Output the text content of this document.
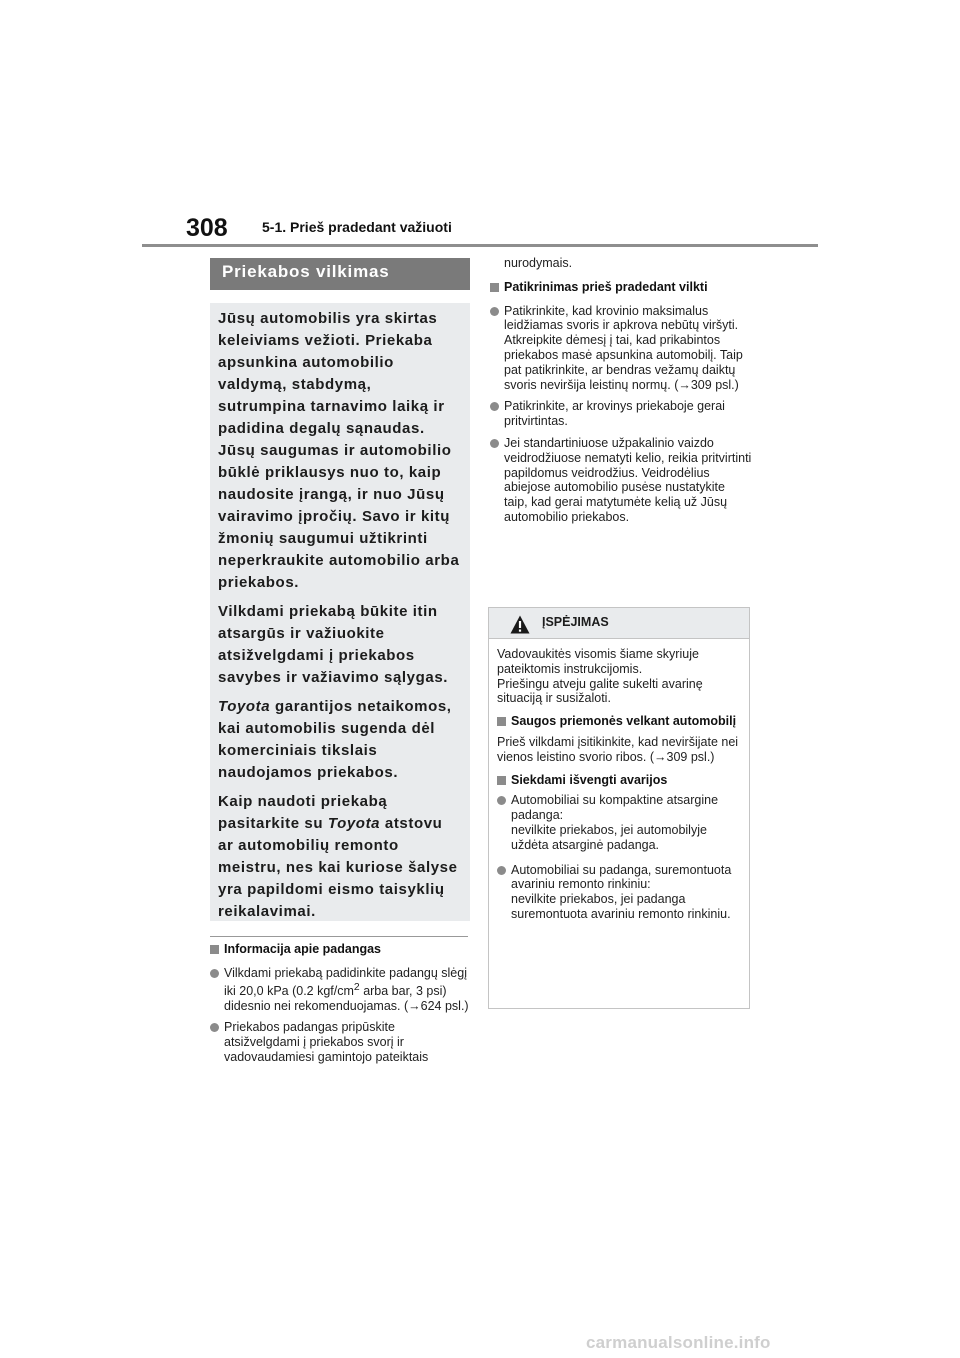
308 5-1. Prieš pradedant važiuoti
Priekabos vilkimas

Jūsų automobilis yra skirtas keleiviams vežioti. Priekaba apsunkina automobilio valdymą, stabdymą, sutrumpina tarnavimo laiką ir padidina degalų sąnaudas. Jūsų saugumas ir automobilio būklė priklausys nuo to, kaip naudosite įrangą, ir nuo Jūsų vairavimo įpročių. Savo ir kitų žmonių saugumui užtikrinti neperkraukite automobilio arba priekabos.

Vilkdami priekabą būkite itin atsargūs ir važiuokite atsižvelgdami į priekabos savybes ir važiavimo sąlygas.

Toyota garantijos netaikomos, kai automobilis sugenda dėl komerciniais tikslais naudojamos priekabos.

Kaip naudoti priekabą pasitarkite su Toyota atstovu ar automobilių remonto meistru, nes kai kuriose šalyse yra papildomi eismo taisyklių reikalavimai.

Informacija apie padangas
Vilkdami priekabą padidinkite padangų slėgį iki 20,0 kPa (0.2 kgf/$cm^2$ arba bar, 3 psi) didesnio nei rekomenduojamas. (→624 psl.)
Priekabos padangas pripūskite atsižvelgdami į priekabos svorį ir vadovaudamiesi gamintojo pateiktais
nurodymais.
Patikrinimas prieš pradedant vilkti
Patikrinkite, kad krovinio maksimalus leidžiamas svoris ir apkrova nebūtų viršyti. Atkreipkite dėmesį į tai, kad prikabintos priekabos masė apsunkina automobilį. Taip pat patikrinkite, ar bendras vežamų daiktų svoris neviršija leistinų normų. (→309 psl.)
Patikrinkite, ar krovinys priekaboje gerai pritvirtintas.
Jei standartiniuose užpakalinio vaizdo veidrodžiuose nematyti kelio, reikia pritvirtinti papildomus veidrodžius. Veidrodėlius abiejose automobilio pusėse nustatykite taip, kad gerai matytumėte kelią už Jūsų automobilio priekabos.
ĮSPĖJIMAS
Vadovaukitės visomis šiame skyriuje pateiktomis instrukcijomis.
Priešingu atveju galite sukelti avarinę situaciją ir susižaloti.
Saugos priemonės velkant automobilį
Prieš vilkdami įsitikinkite, kad neviršijate nei vienos leistino svorio ribos. (→309 psl.)
Siekdami išvengti avarijos
Automobiliai su kompaktine atsargine padanga:
nevilkite priekabos, jei automobilyje uždėta atsarginė padanga.
Automobiliai su padanga, suremontuota avariniu remonto rinkiniu:
nevilkite priekabos, jei padanga suremontuota avariniu remonto rinkiniu.
carmanualsonline.info
